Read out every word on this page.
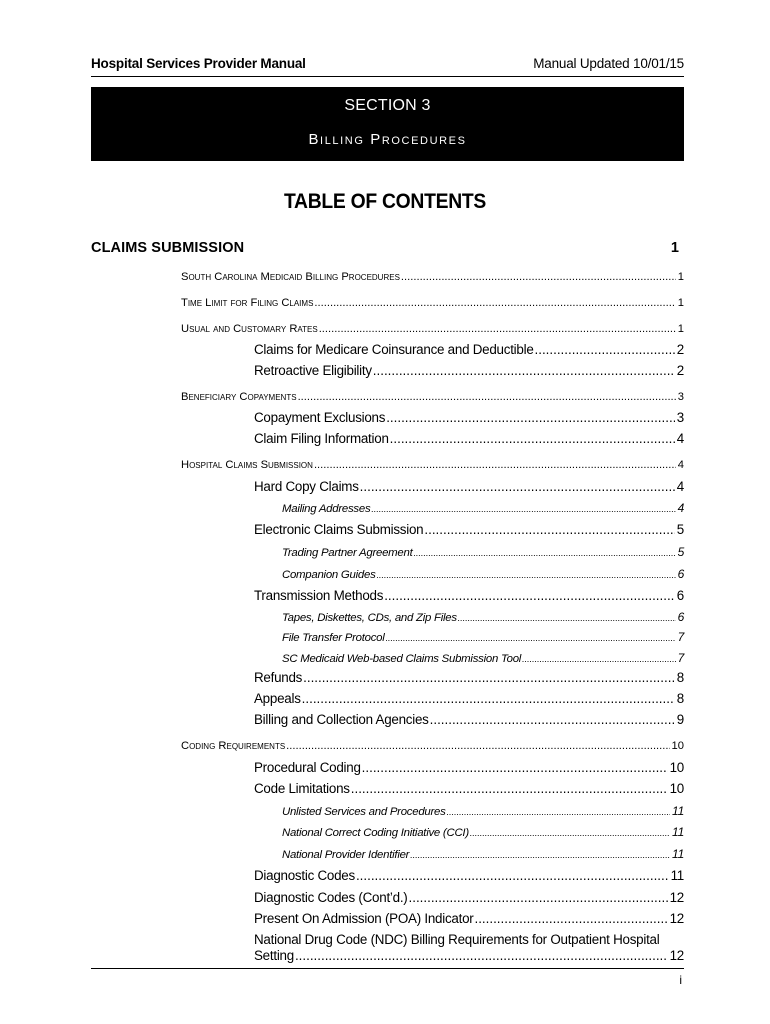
Hospital Services Provider Manual	Manual Updated 10/01/15
SECTION 3
Billing Procedures
TABLE OF CONTENTS
CLAIMS SUBMISSION	1
South Carolina Medicaid Billing Procedures .....	1
Time Limit for Filing Claims .....	1
Usual and Customary Rates .....	1
Claims for Medicare Coinsurance and Deductible .....	2
Retroactive Eligibility .....	2
Beneficiary Copayments .....	3
Copayment Exclusions .....	3
Claim Filing Information .....	4
Hospital Claims Submission .....	4
Hard Copy Claims .....	4
Mailing Addresses .....	4
Electronic Claims Submission .....	5
Trading Partner Agreement .....	5
Companion Guides .....	6
Transmission Methods .....	6
Tapes, Diskettes, CDs, and Zip Files .....	6
File Transfer Protocol .....	7
SC Medicaid Web-based Claims Submission Tool .....	7
Refunds .....	8
Appeals .....	8
Billing and Collection Agencies .....	9
Coding Requirements .....	10
Procedural Coding .....	10
Code Limitations .....	10
Unlisted Services and Procedures .....	11
National Correct Coding Initiative (CCI) .....	11
National Provider Identifier .....	11
Diagnostic Codes .....	11
Diagnostic Codes (Cont’d.) .....	12
Present On Admission (POA) Indicator .....	12
National Drug Code (NDC) Billing Requirements for Outpatient Hospital
Setting .....	12
i
